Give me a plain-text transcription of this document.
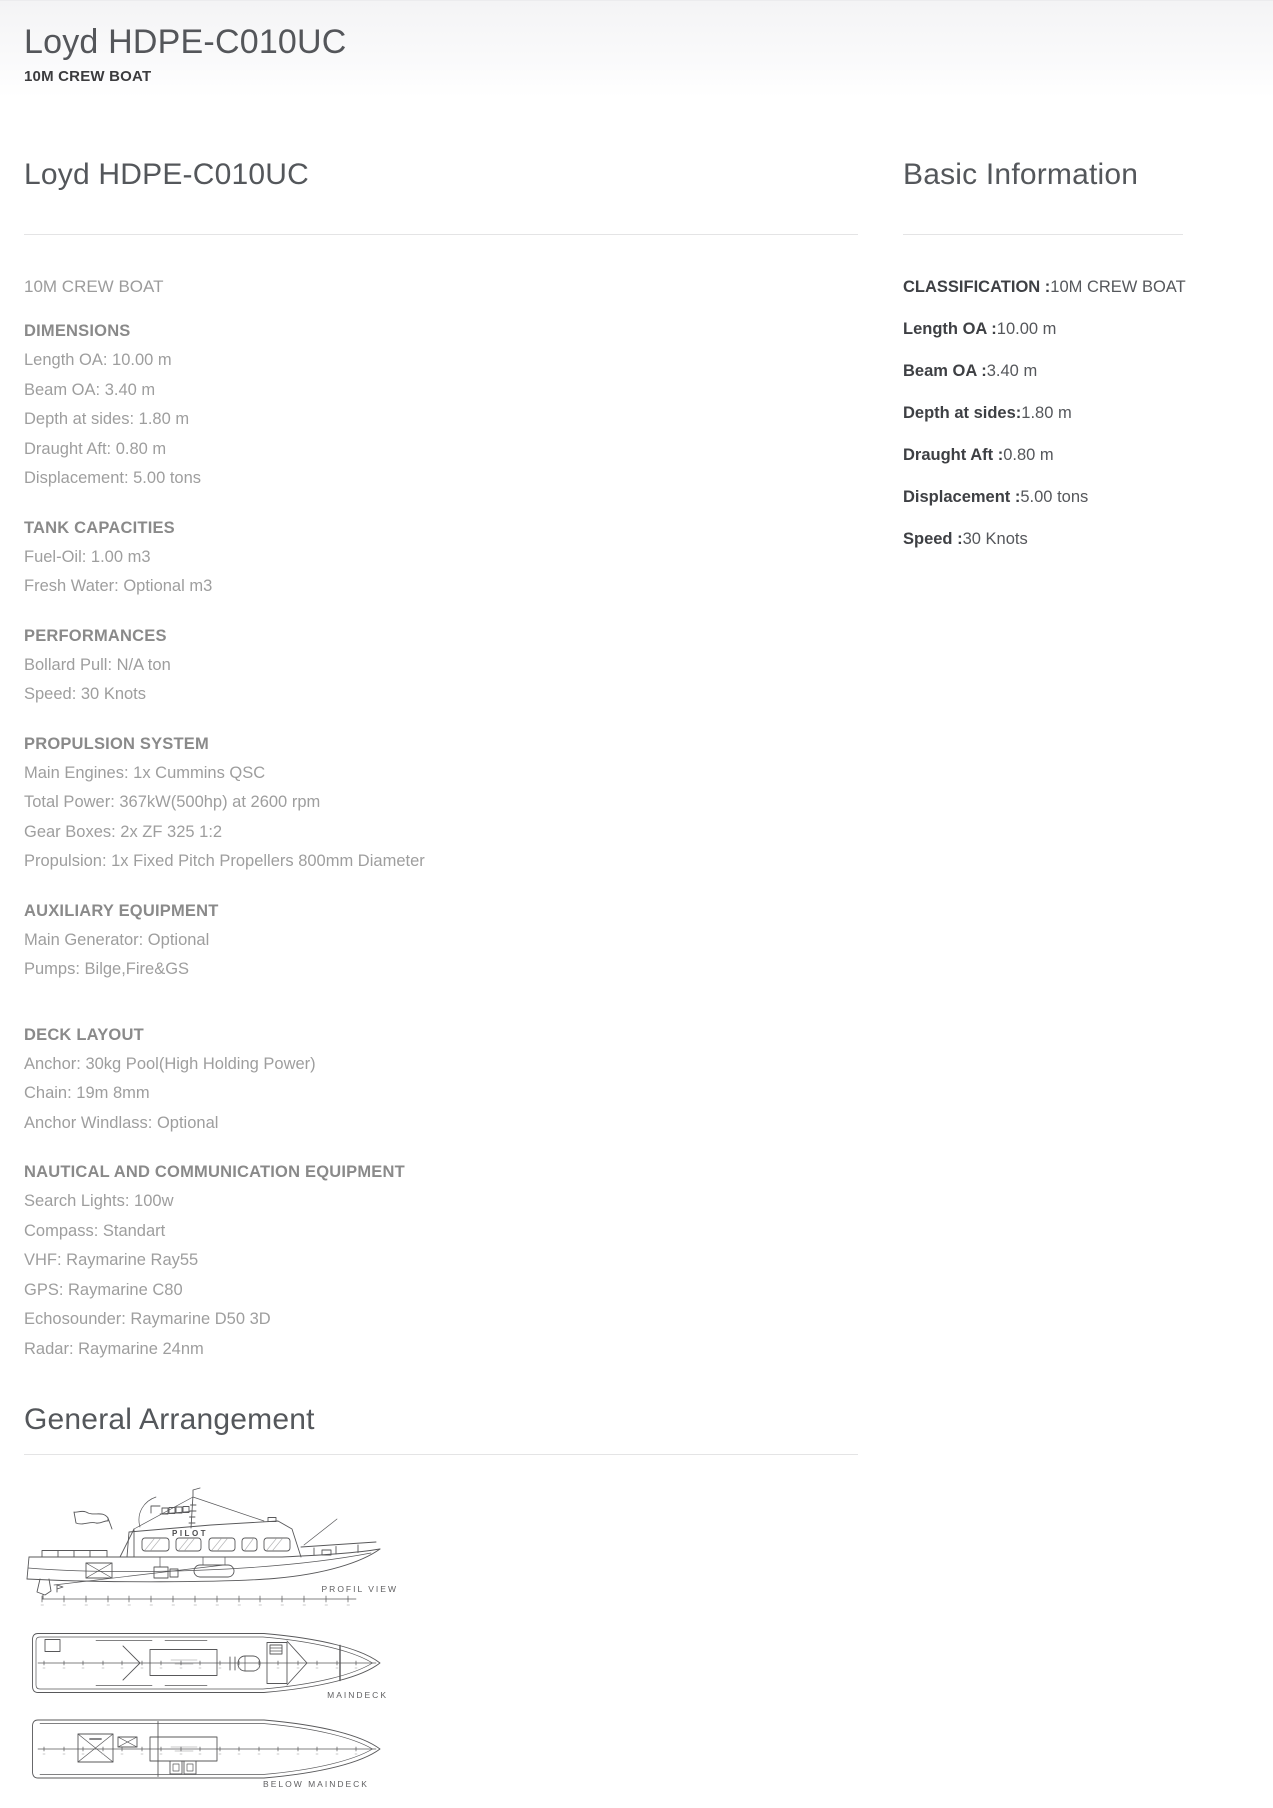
Loyd HDPE-C010UC
10M CREW BOAT
Loyd HDPE-C010UC

10M CREW BOAT

DIMENSIONS

Length OA: 10.00 m

Beam OA: 3.40 m

Depth at sides: 1.80 m

Draught Aft: 0.80 m

Displacement: 5.00 tons

TANK CAPACITIES

Fuel-Oil: 1.00 m3

Fresh Water: Optional m3

PERFORMANCES

Bollard Pull: N/A ton

Speed: 30 Knots

PROPULSION SYSTEM

Main Engines: 1x Cummins QSC

Total Power: 367kW(500hp) at 2600 rpm

Gear Boxes: 2x ZF 325 1:2

Propulsion: 1x Fixed Pitch Propellers 800mm Diameter

AUXILIARY EQUIPMENT

Main Generator: Optional

Pumps: Bilge,Fire&GS

DECK LAYOUT

Anchor: 30kg Pool(High Holding Power)

Chain: 19m 8mm

Anchor Windlass: Optional

NAUTICAL AND COMMUNICATION EQUIPMENT

Search Lights: 100w

Compass: Standart

VHF: Raymarine Ray55

GPS: Raymarine C80

Echosounder: Raymarine D50 3D

Radar: Raymarine 24nm

General Arrangement
PILOT
PROFIL VIEW
MAINDECK
BELOW MAINDECK
Basic Information
CLASSIFICATION : 10M CREW BOAT
Length OA : 10.00 m
Beam OA : 3.40 m
Depth at sides: 1.80 m
Draught Aft : 0.80 m
Displacement : 5.00 tons
Speed : 30 Knots
